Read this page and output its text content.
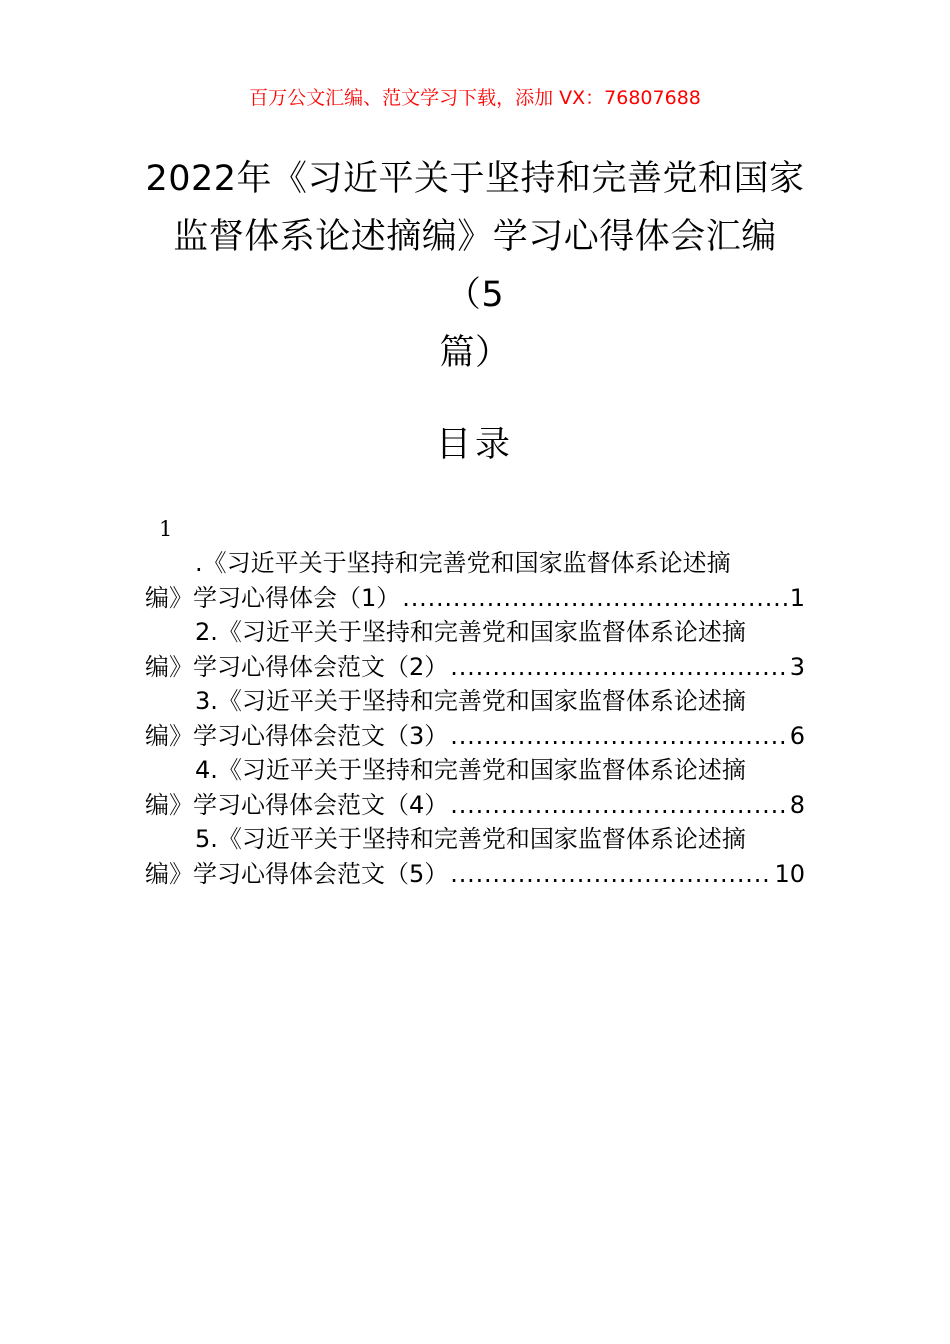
百万公文汇编、范文学习下载，添加 VX：76807688
2022年《习近平关于坚持和完善党和国家
监督体系论述摘编》学习心得体会汇编（5
篇）
目录
1
.《习近平关于坚持和完善党和国家监督体系论述摘
编》学习心得体会（1） .....	1
2.《习近平关于坚持和完善党和国家监督体系论述摘
编》学习心得体会范文（2） .....	3
3.《习近平关于坚持和完善党和国家监督体系论述摘
编》学习心得体会范文（3） .....	6
4.《习近平关于坚持和完善党和国家监督体系论述摘
编》学习心得体会范文（4） .....	8
5.《习近平关于坚持和完善党和国家监督体系论述摘
编》学习心得体会范文（5） .....	10
